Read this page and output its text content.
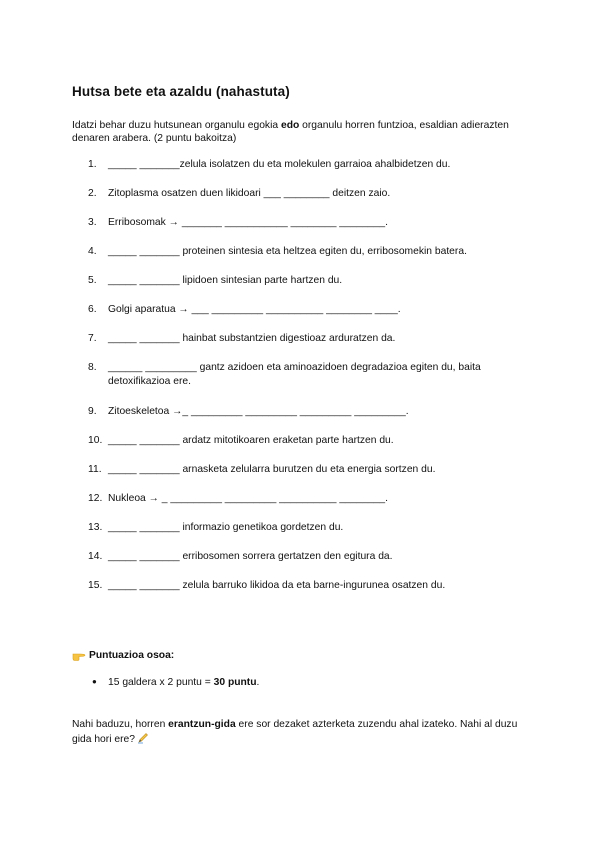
Hutsa bete eta azaldu (nahastuta)

Idatzi behar duzu hutsunean organulu egokia edo organulu horren funtzioa, esaldian adierazten denaren arabera. (2 puntu bakoitza)

1. _____ _______zelula isolatzen du eta molekulen garraioa ahalbidetzen du.
2. Zitoplasma osatzen duen likidoari ___ ________ deitzen zaio.
3. Erribosomak → _______ ___________ ________ ________.
4. _____ _______ proteinen sintesia eta heltzea egiten du, erribosomekin batera.
5. _____ _______ lipidoen sintesian parte hartzen du.
6. Golgi aparatua → ___ _________ __________ ________ ____.
7. _____ _______ hainbat substantzien digestioaz arduratzen da.
8. ______ _________ gantz azidoen eta aminoazidoen degradazioa egiten du, baita
detoxifikazioa ere.
9. Zitoeskeletoa →_ _________ _________ _________ _________.
10. _____ _______ ardatz mitotikoaren eraketan parte hartzen du.
11. _____ _______ arnasketa zelularra burutzen du eta energia sortzen du.
12. Nukleoa → _ _________ _________ __________ ________.
13. _____ _______ informazio genetikoa gordetzen du.
14. _____ _______ erribosomen sorrera gertatzen den egitura da.
15. _____ _______ zelula barruko likidoa da eta barne-ingurunea osatzen du.
Puntuazioa osoa:
● 15 galdera x 2 puntu = 30 puntu.

Nahi baduzu, horren erantzun-gida ere sor dezaket azterketa zuzendu ahal izateko. Nahi al duzu gida hori ere?
